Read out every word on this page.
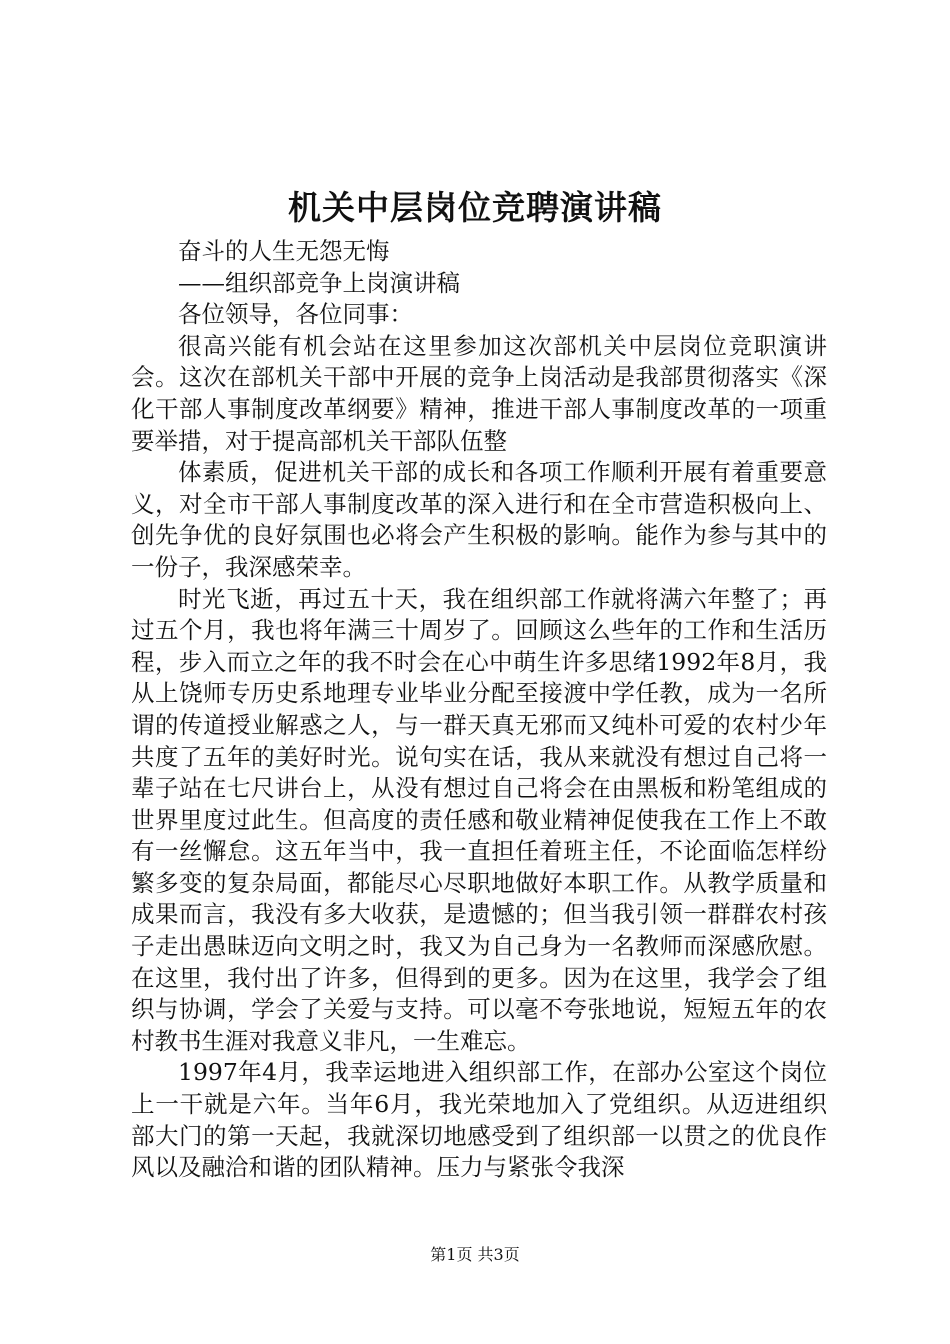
机关中层岗位竞聘演讲稿

奋斗的人生无怨无悔

——组织部竞争上岗演讲稿

各位领导，各位同事：

很高兴能有机会站在这里参加这次部机关中层岗位竞职演讲会。这次在部机关干部中开展的竞争上岗活动是我部贯彻落实《深化干部人事制度改革纲要》精神，推进干部人事制度改革的一项重要举措，对于提高部机关干部队伍整

体素质，促进机关干部的成长和各项工作顺利开展有着重要意义，对全市干部人事制度改革的深入进行和在全市营造积极向上、创先争优的良好氛围也必将会产生积极的影响。能作为参与其中的一份子，我深感荣幸。

时光飞逝，再过五十天，我在组织部工作就将满六年整了；再过五个月，我也将年满三十周岁了。回顾这么些年的工作和生活历程，步入而立之年的我不时会在心中萌生许多思绪1992年8月，我从上饶师专历史系地理专业毕业分配至接渡中学任教，成为一名所谓的传道授业解惑之人，与一群天真无邪而又纯朴可爱的农村少年共度了五年的美好时光。说句实在话，我从来就没有想过自己将一辈子站在七尺讲台上，从没有想过自己将会在由黑板和粉笔组成的世界里度过此生。但高度的责任感和敬业精神促使我在工作上不敢有一丝懈怠。这五年当中，我一直担任着班主任，不论面临怎样纷繁多变的复杂局面，都能尽心尽职地做好本职工作。从教学质量和成果而言，我没有多大收获，是遗憾的；但当我引领一群群农村孩子走出愚昧迈向文明之时，我又为自己身为一名教师而深感欣慰。在这里，我付出了许多，但得到的更多。因为在这里，我学会了组织与协调，学会了关爱与支持。可以毫不夸张地说，短短五年的农村教书生涯对我意义非凡，一生难忘。

1997年4月，我幸运地进入组织部工作，在部办公室这个岗位上一干就是六年。当年6月，我光荣地加入了党组织。从迈进组织部大门的第一天起，我就深切地感受到了组织部一以贯之的优良作风以及融洽和谐的团队精神。压力与紧张令我深

第1页 共3页
